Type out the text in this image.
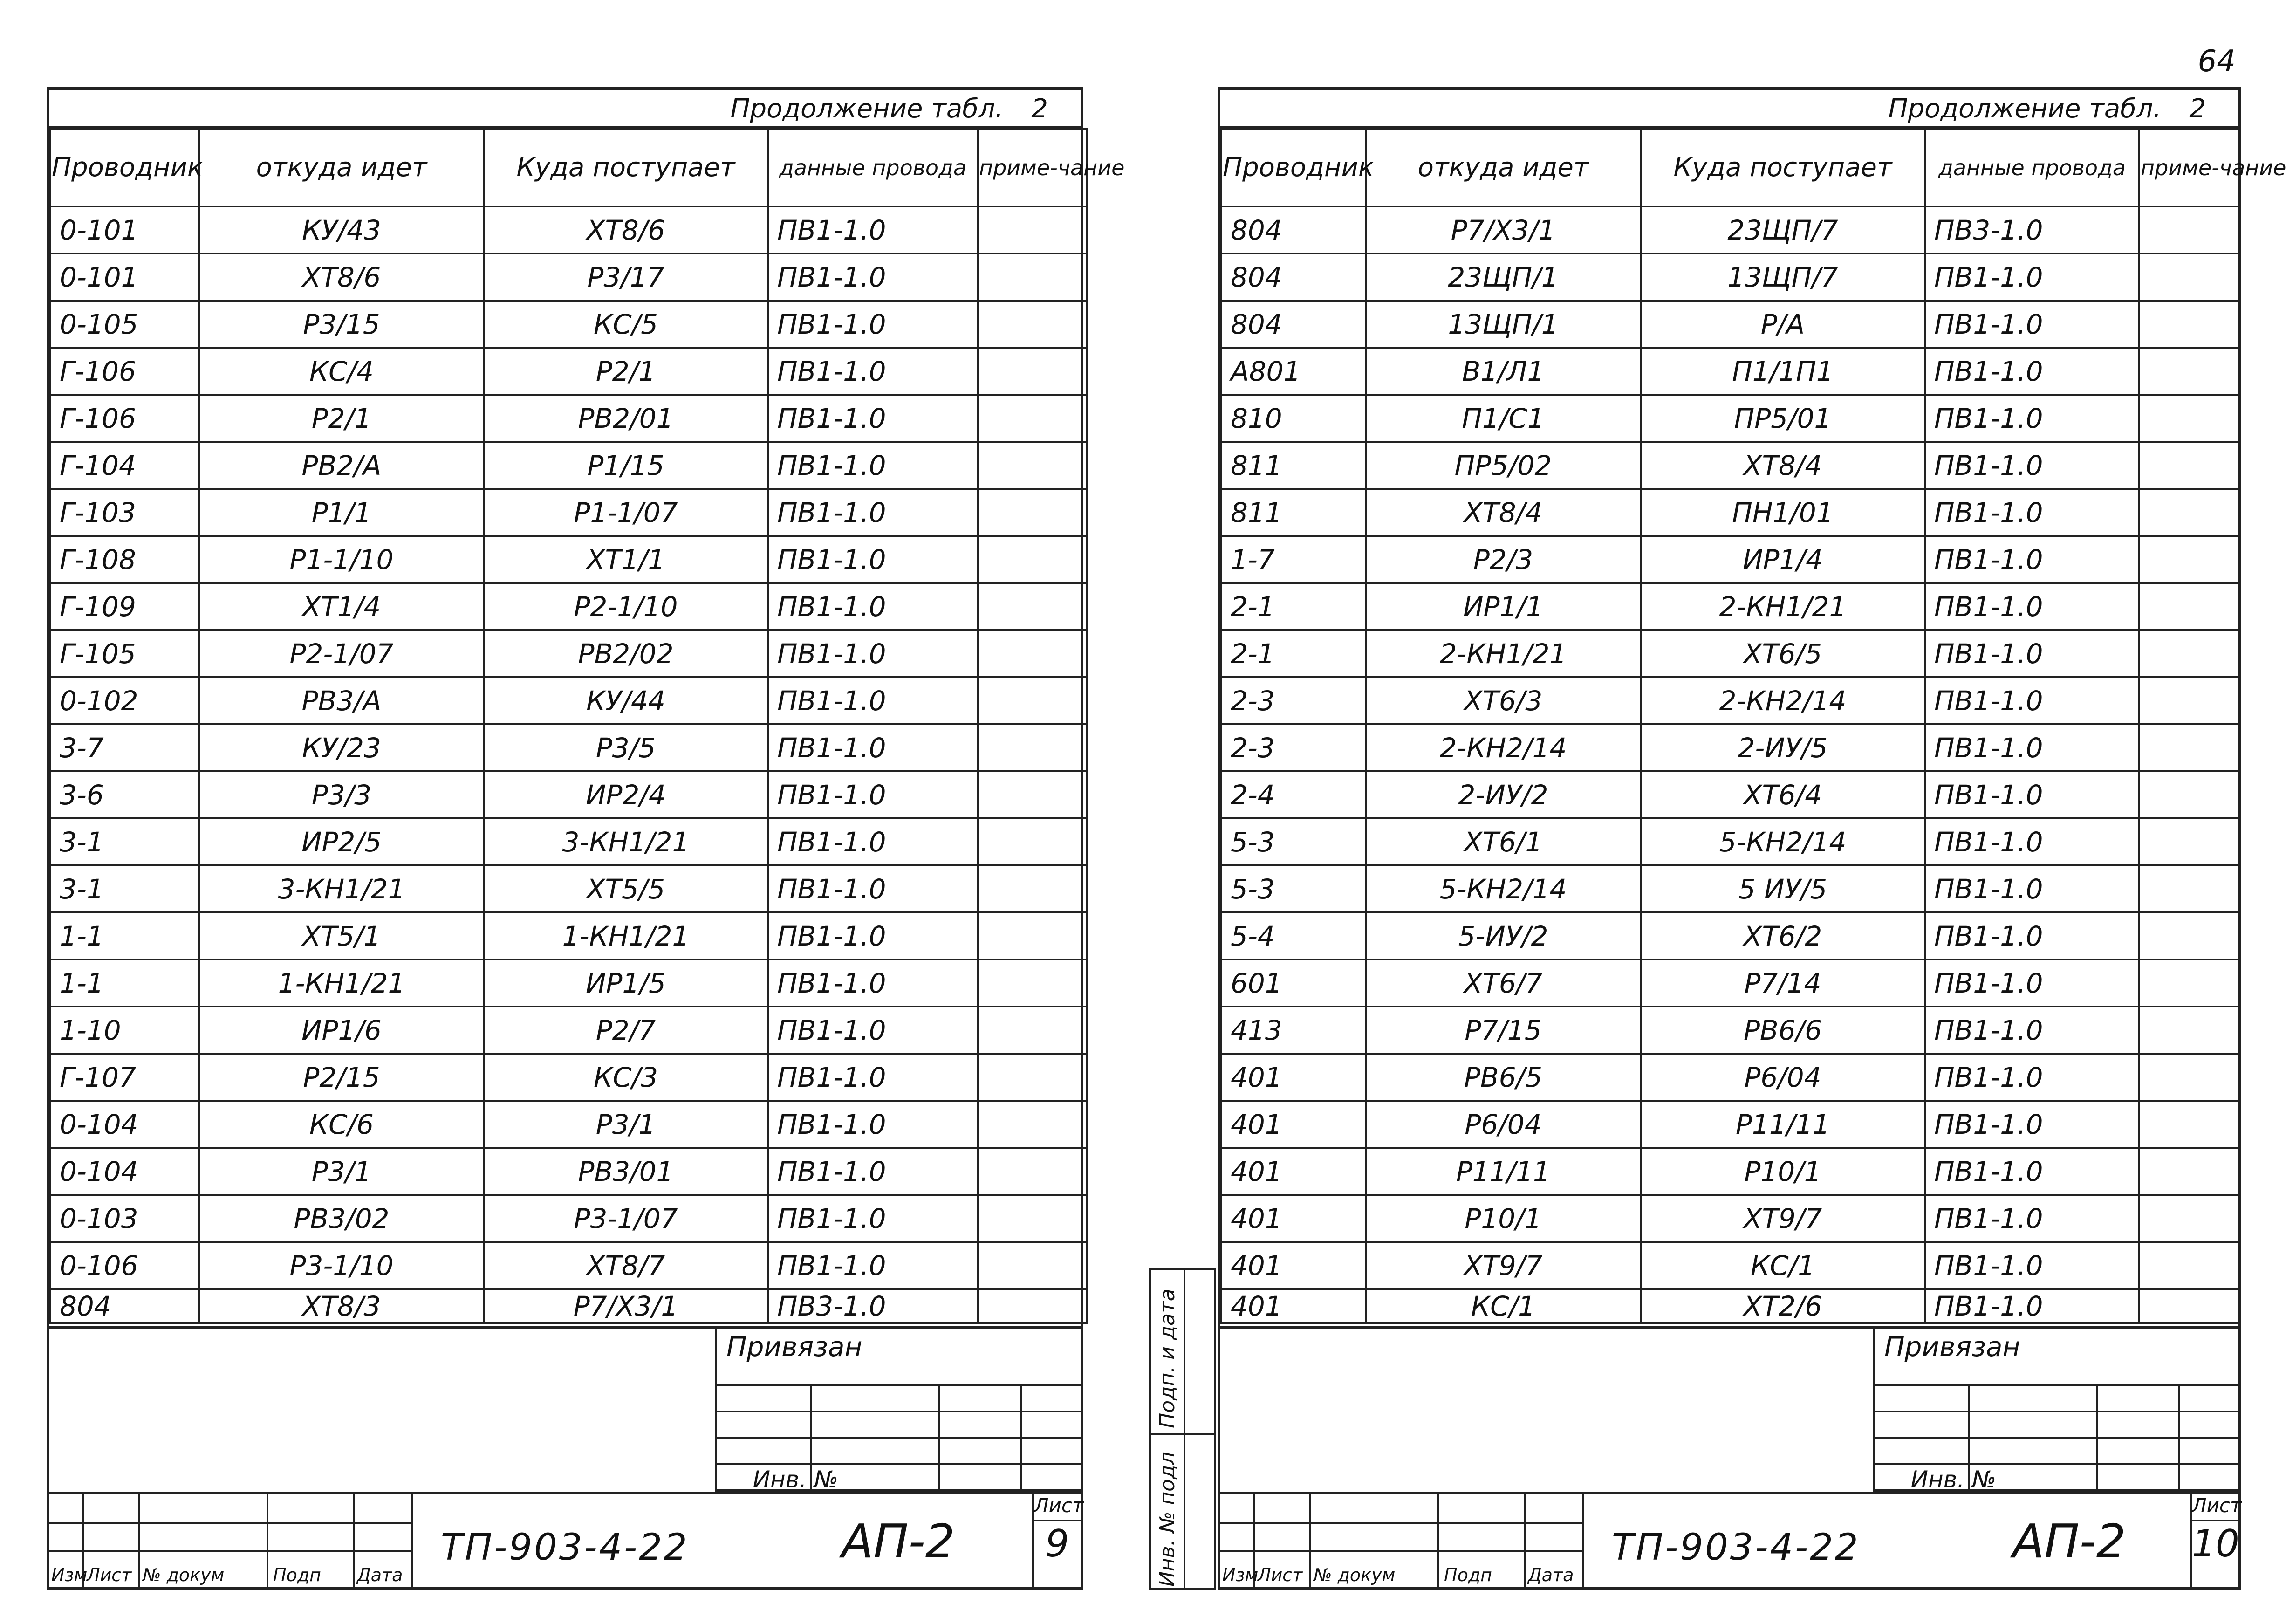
64
Продолжение табл. 2
Проводник	откуда идет	Куда поступает	данные провода	приме-чание

0-101	КУ/43	ХТ8/6	ПВ1-1.0	
0-101	ХТ8/6	Р3/17	ПВ1-1.0	
0-105	Р3/15	КС/5	ПВ1-1.0	
Г-106	КС/4	Р2/1	ПВ1-1.0	
Г-106	Р2/1	РВ2/01	ПВ1-1.0	
Г-104	РВ2/А	Р1/15	ПВ1-1.0	
Г-103	Р1/1	Р1-1/07	ПВ1-1.0	
Г-108	Р1-1/10	ХТ1/1	ПВ1-1.0	
Г-109	ХТ1/4	Р2-1/10	ПВ1-1.0	
Г-105	Р2-1/07	РВ2/02	ПВ1-1.0	
0-102	РВ3/А	КУ/44	ПВ1-1.0	
3-7	КУ/23	Р3/5	ПВ1-1.0	
3-6	Р3/3	ИР2/4	ПВ1-1.0	
3-1	ИР2/5	3-КН1/21	ПВ1-1.0	
3-1	3-КН1/21	ХТ5/5	ПВ1-1.0	
1-1	ХТ5/1	1-КН1/21	ПВ1-1.0	
1-1	1-КН1/21	ИР1/5	ПВ1-1.0	
1-10	ИР1/6	Р2/7	ПВ1-1.0	
Г-107	Р2/15	КС/3	ПВ1-1.0	
0-104	КС/6	Р3/1	ПВ1-1.0	
0-104	Р3/1	РВ3/01	ПВ1-1.0	
0-103	РВ3/02	Р3-1/07	ПВ1-1.0	
0-106	Р3-1/10	ХТ8/7	ПВ1-1.0	
804	ХТ8/3	Р7/Х3/1	ПВ3-1.0	
Привязан
Изм
Лист № докум	Подп Дата
ТП-903-4-22	АП-2
Лист
9
Инв. №
Подп. и дата
Инв. № подл
Продолжение табл. 2
Проводник	откуда идет	Куда поступает	данные провода	приме-чание

804	Р7/Х3/1	23ЩП/7	ПВ3-1.0	
804	23ЩП/1	13ЩП/7	ПВ1-1.0	
804	13ЩП/1	Р/А	ПВ1-1.0	
А801	В1/Л1	П1/1П1	ПВ1-1.0	
810	П1/С1	ПР5/01	ПВ1-1.0	
811	ПР5/02	ХТ8/4	ПВ1-1.0	
811	ХТ8/4	ПН1/01	ПВ1-1.0	
1-7	Р2/3	ИР1/4	ПВ1-1.0	
2-1	ИР1/1	2-КН1/21	ПВ1-1.0	
2-1	2-КН1/21	ХТ6/5	ПВ1-1.0	
2-3	ХТ6/3	2-КН2/14	ПВ1-1.0	
2-3	2-КН2/14	2-ИУ/5	ПВ1-1.0	
2-4	2-ИУ/2	ХТ6/4	ПВ1-1.0	
5-3	ХТ6/1	5-КН2/14	ПВ1-1.0	
5-3	5-КН2/14	5 ИУ/5	ПВ1-1.0	
5-4	5-ИУ/2	ХТ6/2	ПВ1-1.0	
601	ХТ6/7	Р7/14	ПВ1-1.0	
413	Р7/15	РВ6/6	ПВ1-1.0	
401	РВ6/5	Р6/04	ПВ1-1.0	
401	Р6/04	Р11/11	ПВ1-1.0	
401	Р11/11	Р10/1	ПВ1-1.0	
401	Р10/1	ХТ9/7	ПВ1-1.0	
401	ХТ9/7	КС/1	ПВ1-1.0	
401	КС/1	ХТ2/6	ПВ1-1.0	
Привязан
Изм
Лист № докум	Подп Дата
ТП-903-4-22	АП-2
Лист
10
Инв. №
